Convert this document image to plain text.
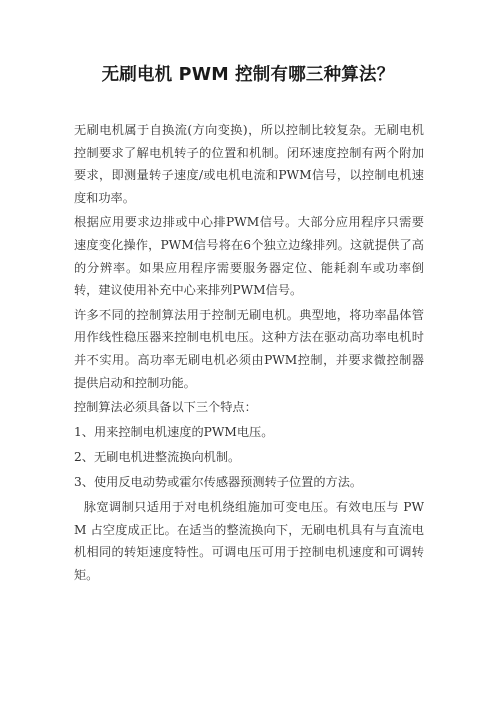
无刷电机 PWM 控制有哪三种算法？

无刷电机属于自换流(方向变换)，所以控制比较复杂。无刷电机控制要求了解电机转子的位置和机制。闭环速度控制有两个附加要求，即测量转子速度/或电机电流和PWM信号，以控制电机速度和功率。

根据应用要求边排或中心排PWM信号。大部分应用程序只需要速度变化操作，PWM信号将在6个独立边缘排列。这就提供了高的分辨率。如果应用程序需要服务器定位、能耗刹车或功率倒转，建议使用补充中心来排列PWM信号。

许多不同的控制算法用于控制无刷电机。典型地，将功率晶体管用作线性稳压器来控制电机电压。这种方法在驱动高功率电机时并不实用。高功率无刷电机必须由PWM控制，并要求微控制器提供启动和控制功能。

控制算法必须具备以下三个特点：

1、用来控制电机速度的PWM电压。

2、无刷电机进整流换向机制。

3、使用反电动势或霍尔传感器预测转子位置的方法。

脉宽调制只适用于对电机绕组施加可变电压。有效电压与 PWM 占空度成正比。在适当的整流换向下，无刷电机具有与直流电机相同的转矩速度特性。可调电压可用于控制电机速度和可调转矩。
